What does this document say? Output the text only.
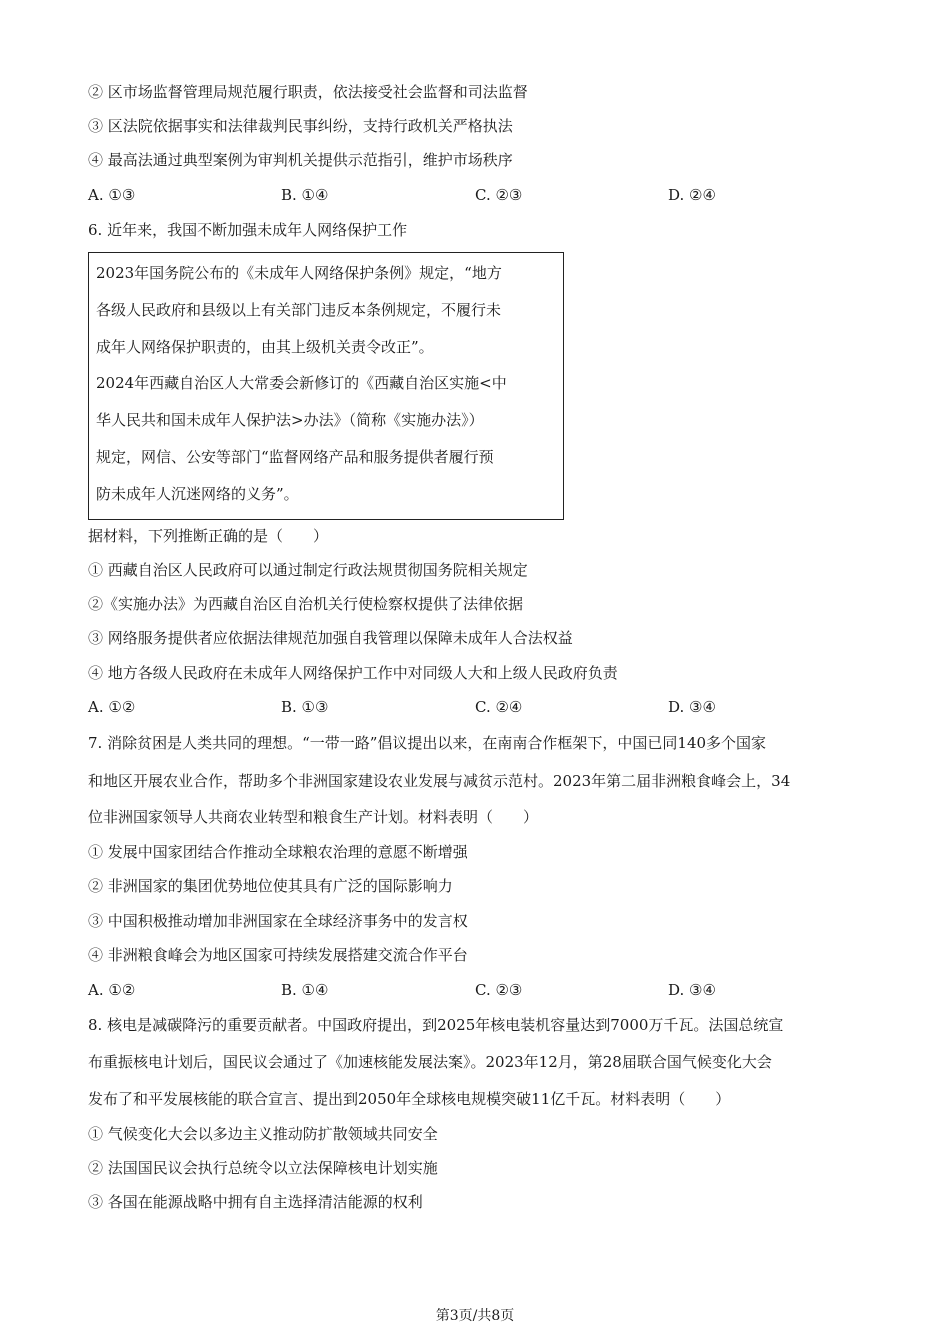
② 区市场监督管理局规范履行职责，依法接受社会监督和司法监督
③ 区法院依据事实和法律裁判民事纠纷，支持行政机关严格执法
④ 最高法通过典型案例为审判机关提供示范指引，维护市场秩序
A. ①③	B. ①④	C. ②③	D. ②④
6. 近年来，我国不断加强未成年人网络保护工作
2023年国务院公布的《未成年人网络保护条例》规定，“地方
各级人民政府和县级以上有关部门违反本条例规定，不履行未
成年人网络保护职责的，由其上级机关责令改正”。
2024年西藏自治区人大常委会新修订的《西藏自治区实施<中
华人民共和国未成年人保护法>办法》（简称《实施办法》）
规定，网信、公安等部门“监督网络产品和服务提供者履行预
防未成年人沉迷网络的义务”。
据材料，下列推断正确的是（　　）
① 西藏自治区人民政府可以通过制定行政法规贯彻国务院相关规定
②《实施办法》为西藏自治区自治机关行使检察权提供了法律依据
③ 网络服务提供者应依据法律规范加强自我管理以保障未成年人合法权益
④ 地方各级人民政府在未成年人网络保护工作中对同级人大和上级人民政府负责
A. ①②	B. ①③	C. ②④	D. ③④
7. 消除贫困是人类共同的理想。“一带一路”倡议提出以来，在南南合作框架下，中国已同140多个国家
和地区开展农业合作，帮助多个非洲国家建设农业发展与减贫示范村。2023年第二届非洲粮食峰会上，34
位非洲国家领导人共商农业转型和粮食生产计划。材料表明（　　）
① 发展中国家团结合作推动全球粮农治理的意愿不断增强
② 非洲国家的集团优势地位使其具有广泛的国际影响力
③ 中国积极推动增加非洲国家在全球经济事务中的发言权
④ 非洲粮食峰会为地区国家可持续发展搭建交流合作平台
A. ①②	B. ①④	C. ②③	D. ③④
8. 核电是减碳降污的重要贡献者。中国政府提出，到2025年核电装机容量达到7000万千瓦。法国总统宣
布重振核电计划后，国民议会通过了《加速核能发展法案》。2023年12月，第28届联合国气候变化大会
发布了和平发展核能的联合宣言、提出到2050年全球核电规模突破11亿千瓦。材料表明（　　）
① 气候变化大会以多边主义推动防扩散领域共同安全
② 法国国民议会执行总统令以立法保障核电计划实施
③ 各国在能源战略中拥有自主选择清洁能源的权利
第3页/共8页
